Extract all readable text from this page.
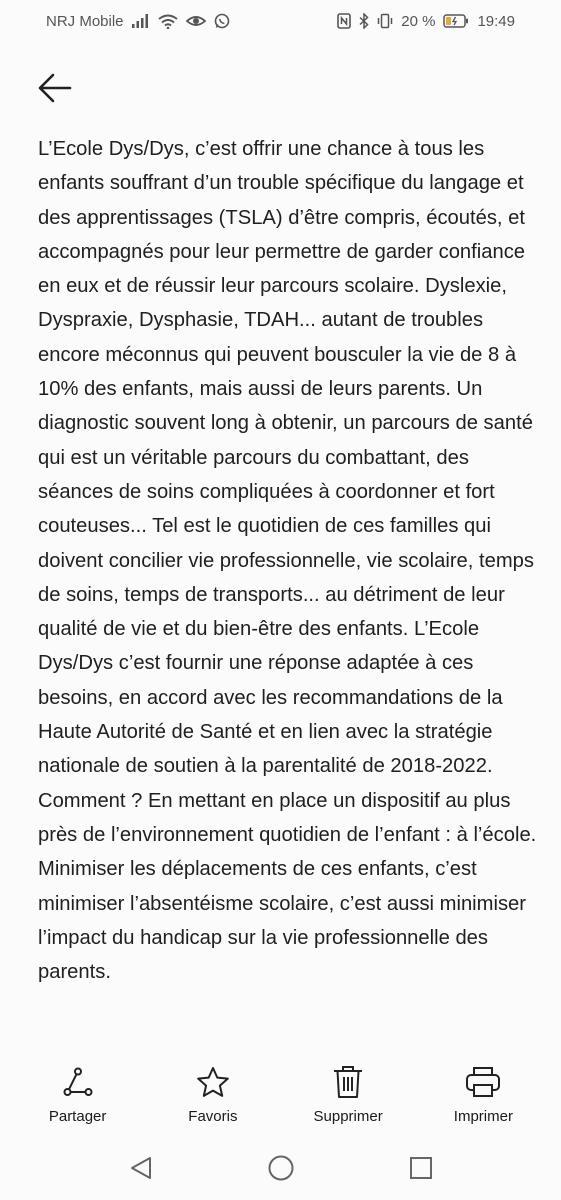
NRJ Mobile	20 %	19:49

L’Ecole Dys/Dys, c’est offrir une chance à tous les enfants souffrant d’un trouble spécifique du langage et des apprentissages (TSLA) d’être compris, écoutés, et accompagnés pour leur permettre de garder confiance en eux et de réussir leur parcours scolaire. Dyslexie, Dyspraxie, Dysphasie, TDAH... autant de troubles encore méconnus qui peuvent bousculer la vie de 8 à 10% des enfants, mais aussi de leurs parents. Un diagnostic souvent long à obtenir, un parcours de santé qui est un véritable parcours du combattant, des séances de soins compliquées à coordonner et fort couteuses... Tel est le quotidien de ces familles qui doivent concilier vie professionnelle, vie scolaire, temps de soins, temps de transports... au détriment de leur qualité de vie et du bien-être des enfants. L’Ecole Dys/Dys c’est fournir une réponse adaptée à ces besoins, en accord avec les recommandations de la Haute Autorité de Santé et en lien avec la stratégie nationale de soutien à la parentalité de 2018-2022. Comment ? En mettant en place un dispositif au plus près de l’environnement quotidien de l’enfant : à l’école.

Minimiser les déplacements de ces enfants, c’est minimiser l’absentéisme scolaire, c’est aussi minimiser l’impact du handicap sur la vie professionnelle des parents.

Partager	Favoris	Supprimer	Imprimer
